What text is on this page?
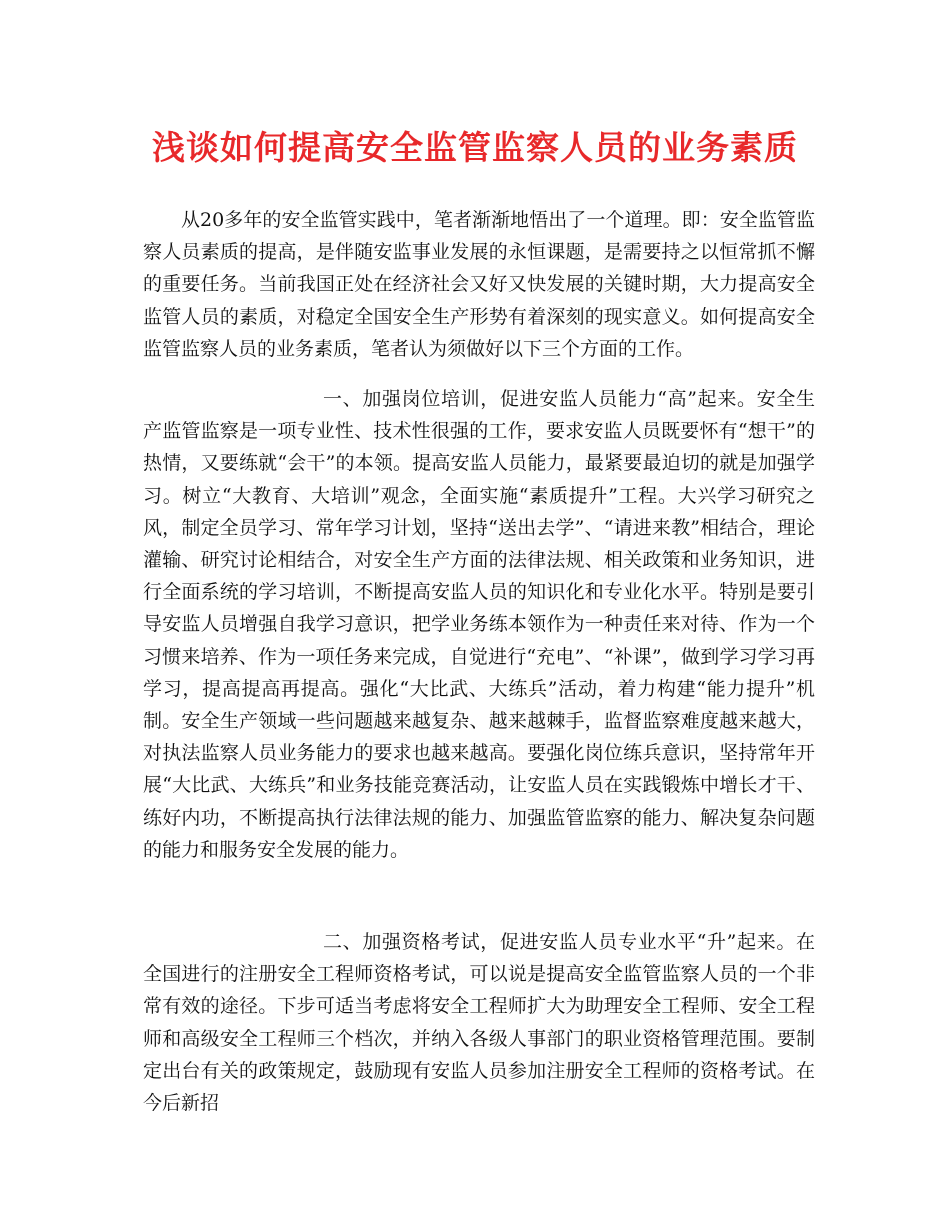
浅谈如何提高安全监管监察人员的业务素质

从20多年的安全监管实践中，笔者渐渐地悟出了一个道理。即：安全监管监察人员素质的提高，是伴随安监事业发展的永恒课题，是需要持之以恒常抓不懈的重要任务。当前我国正处在经济社会又好又快发展的关键时期，大力提高安全监管人员的素质，对稳定全国安全生产形势有着深刻的现实意义。如何提高安全监管监察人员的业务素质，笔者认为须做好以下三个方面的工作。

一、加强岗位培训，促进安监人员能力“高”起来。安全生产监管监察是一项专业性、技术性很强的工作，要求安监人员既要怀有“想干”的热情，又要练就“会干”的本领。提高安监人员能力，最紧要最迫切的就是加强学习。树立“大教育、大培训”观念，全面实施“素质提升”工程。大兴学习研究之风，制定全员学习、常年学习计划，坚持“送出去学”、“请进来教”相结合，理论灌输、研究讨论相结合，对安全生产方面的法律法规、相关政策和业务知识，进行全面系统的学习培训，不断提高安监人员的知识化和专业化水平。特别是要引导安监人员增强自我学习意识，把学业务练本领作为一种责任来对待、作为一个习惯来培养、作为一项任务来完成，自觉进行“充电”、“补课”，做到学习学习再学习，提高提高再提高。强化“大比武、大练兵”活动，着力构建“能力提升”机制。安全生产领域一些问题越来越复杂、越来越棘手，监督监察难度越来越大，对执法监察人员业务能力的要求也越来越高。要强化岗位练兵意识，坚持常年开展“大比武、大练兵”和业务技能竞赛活动，让安监人员在实践锻炼中增长才干、练好内功，不断提高执行法律法规的能力、加强监管监察的能力、解决复杂问题的能力和服务安全发展的能力。

二、加强资格考试，促进安监人员专业水平“升”起来。在全国进行的注册安全工程师资格考试，可以说是提高安全监管监察人员的一个非常有效的途径。下步可适当考虑将安全工程师扩大为助理安全工程师、安全工程师和高级安全工程师三个档次，并纳入各级人事部门的职业资格管理范围。要制定出台有关的政策规定，鼓励现有安监人员参加注册安全工程师的资格考试。在今后新招
